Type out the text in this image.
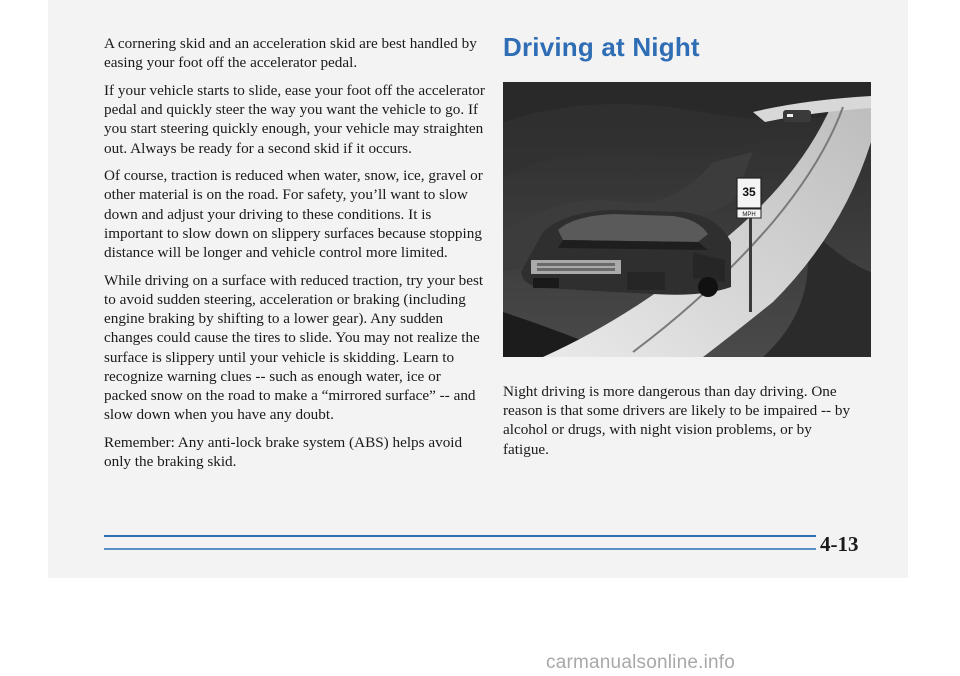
A cornering skid and an acceleration skid are best handled by easing your foot off the accelerator pedal.

If your vehicle starts to slide, ease your foot off the accelerator pedal and quickly steer the way you want the vehicle to go. If you start steering quickly enough, your vehicle may straighten out. Always be ready for a second skid if it occurs.

Of course, traction is reduced when water, snow, ice, gravel or other material is on the road. For safety, you’ll want to slow down and adjust your driving to these conditions. It is important to slow down on slippery surfaces because stopping distance will be longer and vehicle control more limited.

While driving on a surface with reduced traction, try your best to avoid sudden steering, acceleration or braking (including engine braking by shifting to a lower gear). Any sudden changes could cause the tires to slide. You may not realize the surface is slippery until your vehicle is skidding. Learn to recognize warning clues -- such as enough water, ice or packed snow on the road to make a “mirrored surface” -- and slow down when you have any doubt.

Remember: Any anti-lock brake system (ABS) helps avoid only the braking skid.

Driving at Night
35
MPH

Night driving is more dangerous than day driving. One reason is that some drivers are likely to be impaired -- by alcohol or drugs, with night vision problems, or by fatigue.

4-13
carmanualsonline.info
